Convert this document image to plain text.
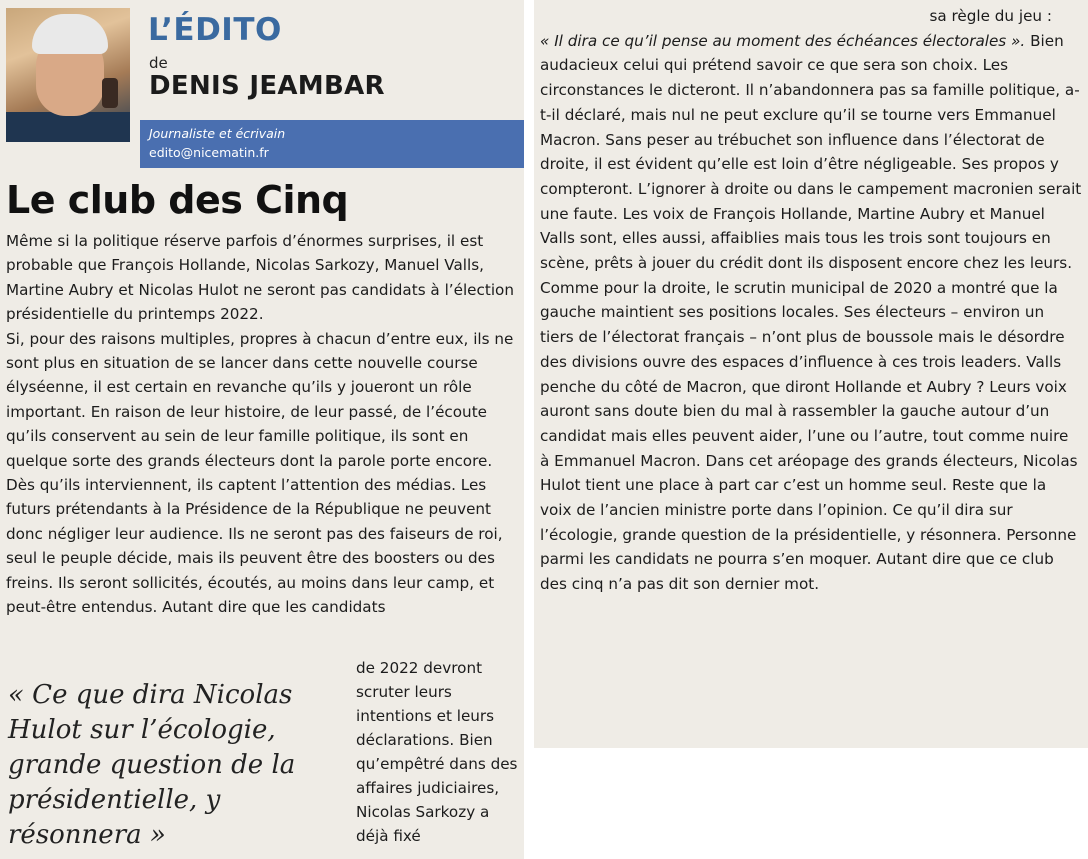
L’ÉDITO
de
DENIS JEAMBAR
Journaliste et écrivain
edito@nicematin.fr
Le club des Cinq

Même si la politique réserve parfois d’énormes surprises, il est probable que François Hollande, Nicolas Sarkozy, Manuel Valls, Martine Aubry et Nicolas Hulot ne seront pas candidats à l’élection présidentielle du printemps 2022.

Si, pour des raisons multiples, propres à chacun d’entre eux, ils ne sont plus en situation de se lancer dans cette nouvelle course élyséenne, il est certain en revanche qu’ils y joueront un rôle important. En raison de leur histoire, de leur passé, de l’écoute qu’ils conservent au sein de leur famille politique, ils sont en quelque sorte des grands électeurs dont la parole porte encore. Dès qu’ils interviennent, ils captent l’attention des médias. Les futurs prétendants à la Présidence de la République ne peuvent donc négliger leur audience. Ils ne seront pas des faiseurs de roi, seul le peuple décide, mais ils peuvent être des boosters ou des freins. Ils seront sollicités, écoutés, au moins dans leur camp, et peut-être entendus. Autant dire que les candidats

« Ce que dira Nicolas Hulot sur l’écologie, grande question de la présidentielle, y résonnera »
de 2022 devront scruter leurs intentions et leurs déclarations. Bien qu’empêtré dans des affaires judiciaires, Nicolas Sarkozy a déjà fixé
sa règle du jeu :
« Il dira ce qu’il pense au moment des échéances électorales ». Bien audacieux celui qui prétend savoir ce que sera son choix. Les circonstances le dicteront. Il n’abandonnera pas sa famille politique, a-t-il déclaré, mais nul ne peut exclure qu’il se tourne vers Emmanuel Macron. Sans peser au trébuchet son influence dans l’électorat de droite, il est évident qu’elle est loin d’être négligeable. Ses propos y compteront. L’ignorer à droite ou dans le campement macronien serait une faute. Les voix de François Hollande, Martine Aubry et Manuel Valls sont, elles aussi, affaiblies mais tous les trois sont toujours en scène, prêts à jouer du crédit dont ils disposent encore chez les leurs. Comme pour la droite, le scrutin municipal de 2020 a montré que la gauche maintient ses positions locales. Ses électeurs – environ un tiers de l’électorat français – n’ont plus de boussole mais le désordre des divisions ouvre des espaces d’influence à ces trois leaders. Valls penche du côté de Macron, que diront Hollande et Aubry ? Leurs voix auront sans doute bien du mal à rassembler la gauche autour d’un candidat mais elles peuvent aider, l’une ou l’autre, tout comme nuire à Emmanuel Macron. Dans cet aréopage des grands électeurs, Nicolas Hulot tient une place à part car c’est un homme seul. Reste que la voix de l’ancien ministre porte dans l’opinion. Ce qu’il dira sur l’écologie, grande question de la présidentielle, y résonnera. Personne parmi les candidats ne pourra s’en moquer. Autant dire que ce club des cinq n’a pas dit son dernier mot.
